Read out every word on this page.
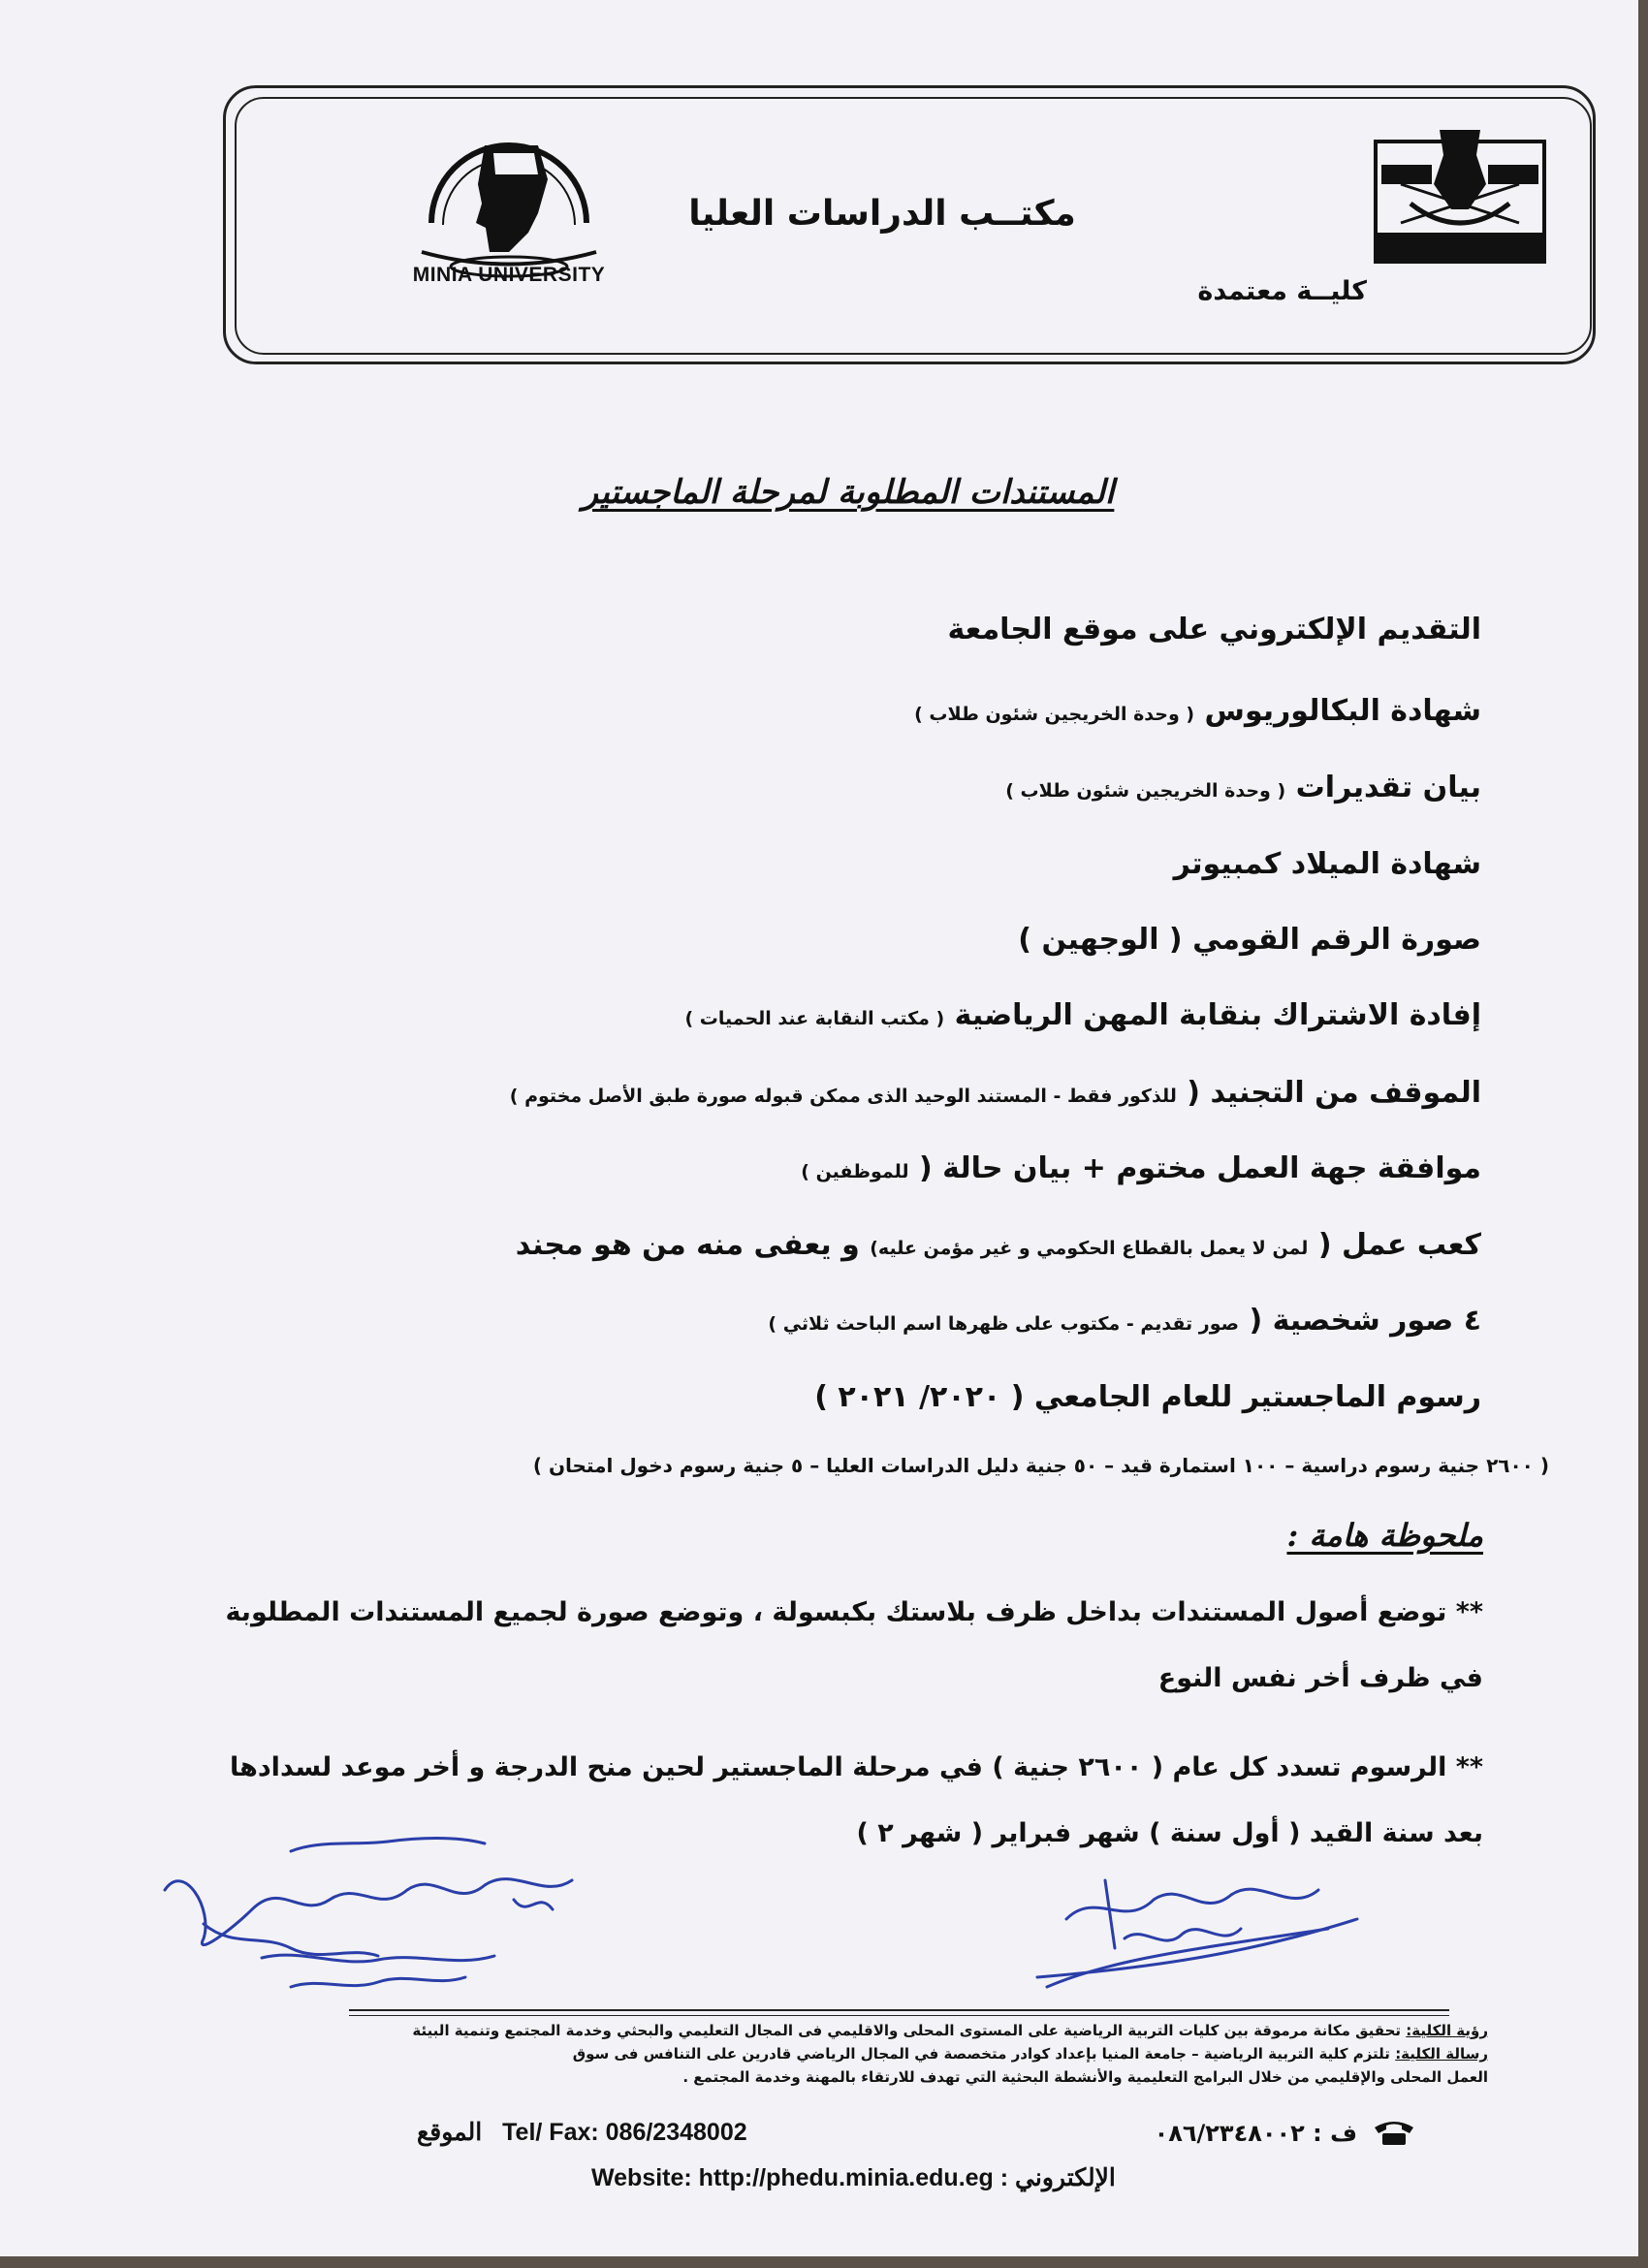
MINIA UNIVERSITY
مكتــب الدراسات العليا
كليــة معتمدة
المستندات المطلوبة لمرحلة الماجستير
التقديم الإلكتروني على موقع الجامعة
شهادة البكالوريوس ( وحدة الخريجين شئون طلاب )
بيان تقديرات ( وحدة الخريجين شئون طلاب )
شهادة الميلاد كمبيوتر
صورة الرقم القومي ( الوجهين )
إفادة الاشتراك بنقابة المهن الرياضية ( مكتب النقابة عند الحميات )
الموقف من التجنيد ( للذكور فقط - المستند الوحيد الذى ممكن قبوله صورة طبق الأصل مختوم )
موافقة جهة العمل مختوم + بيان حالة ( للموظفين )
كعب عمل ( لمن لا يعمل بالقطاع الحكومي و غير مؤمن عليه) و يعفى منه من هو مجند
٤ صور شخصية ( صور تقديم - مكتوب على ظهرها اسم الباحث ثلاثي )
رسوم الماجستير للعام الجامعي ( ٢٠٢٠/ ٢٠٢١ )
( ٢٦٠٠ جنية رسوم دراسية – ١٠٠ استمارة قيد – ٥٠ جنية دليل الدراسات العليا – ٥ جنية رسوم دخول امتحان )
ملحوظة هامة :
** توضع أصول المستندات بداخل ظرف بلاستك بكبسولة ، وتوضع صورة لجميع المستندات المطلوبة في ظرف أخر نفس النوع
** الرسوم تسدد كل عام ( ٢٦٠٠ جنية ) في مرحلة الماجستير لحين منح الدرجة و أخر موعد لسدادها بعد سنة القيد ( أول سنة ) شهر فبراير ( شهر ٢ )
رؤية الكلية: تحقيق مكانة مرموقة بين كليات التربية الرياضية على المستوى المحلى والاقليمي فى المجال التعليمي والبحثي وخدمة المجتمع وتنمية البيئة
رسالة الكلية: تلتزم كلية التربية الرياضية – جامعة المنيا بإعداد كوادر متخصصة في المجال الرياضي قادرين على التنافس فى سوق
العمل المحلى والإقليمي من خلال البرامج التعليمية والأنشطة البحثية التي تهدف للارتقاء بالمهنة وخدمة المجتمع .
الموقع Tel/ Fax: 086/2348002	ف : ٠٨٦/٢٣٤٨٠٠٢
Website: http://phedu.minia.edu.eg : الإلكتروني
